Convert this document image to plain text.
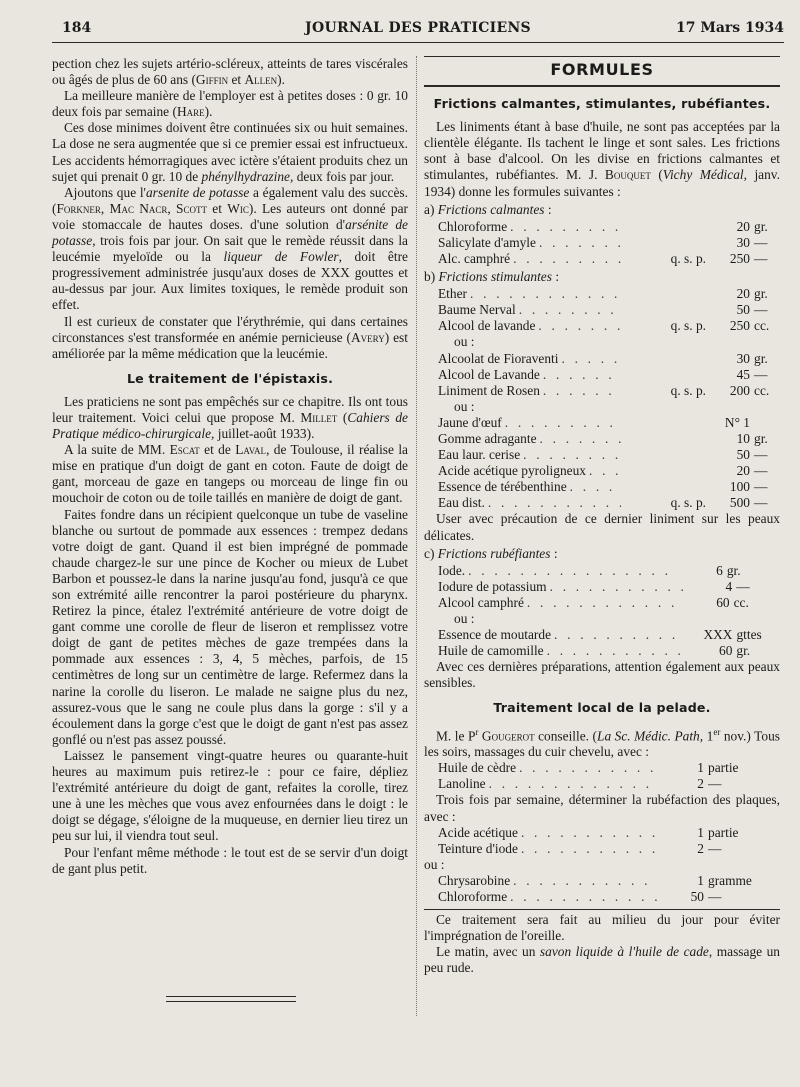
184	JOURNAL DES PRATICIENS	17 Mars 1934

pection chez les sujets artério-scléreux, atteints de tares viscérales ou âgés de plus de 60 ans (Giffin et Allen).

La meilleure manière de l'employer est à petites doses : 0 gr. 10 deux fois par semaine (Hare).

Ces dose minimes doivent être continuées six ou huit semaines. La dose ne sera augmentée que si ce premier essai est infructueux. Les accidents hémorragiques avec ictère s'étaient produits chez un sujet qui prenait 0 gr. 10 de phénylhydrazine, deux fois par jour.

Ajoutons que l'arsenite de potasse a également valu des succès. (Forkner, Mac Nacr, Scott et Wic). Les auteurs ont donné par voie stomaccale de hautes doses. d'une solution d'arsénite de potasse, trois fois par jour. On sait que le remède réussit dans la leucémie myeloïde ou la liqueur de Fowler, doit être progressivement administrée jusqu'aux doses de XXX gouttes et au-dessus par jour. Aux limites toxiques, le remède produit son effet.

Il est curieux de constater que l'érythrémie, qui dans certaines circonstances s'est transformée en anémie pernicieuse (Avery) est améliorée par la même médication que la leucémie.

Le traitement de l'épistaxis.

Les praticiens ne sont pas empêchés sur ce chapitre. Ils ont tous leur traitement. Voici celui que propose M. Millet (Cahiers de Pratique médico-chirurgicale, juillet-août 1933).

A la suite de MM. Escat et de Laval, de Toulouse, il réalise la mise en pratique d'un doigt de gant en coton. Faute de doigt de gant, morceau de gaze en tangeps ou morceau de linge fin ou mouchoir de coton ou de toile taillés en manière de doigt de gant.

Faites fondre dans un récipient quelconque un tube de vaseline blanche ou surtout de pommade aux essences : trempez dedans votre doigt de gant. Quand il est bien imprégné de pommade chaude chargez-le sur une pince de Kocher ou mieux de Lubet Barbon et poussez-le dans la narine jusqu'au fond, jusqu'à ce que son extrémité aille rencontrer la paroi postérieure du pharynx. Retirez la pince, étalez l'extrémité antérieure de votre doigt de gant comme une corolle de fleur de liseron et remplissez votre doigt de gant de petites mèches de gaze trempées dans la pommade aux essences : 3, 4, 5 mèches, parfois, de 15 centimètres de long sur un centimètre de large. Refermez dans la narine la corolle du liseron. Le malade ne saigne plus du nez, assurez-vous que le sang ne coule plus dans la gorge : s'il y a écoulement dans la gorge c'est que le doigt de gant n'est pas assez gonflé ou n'est pas assez poussé.

Laissez le pansement vingt-quatre heures ou quarante-huit heures au maximum puis retirez-le : pour ce faire, dépliez l'extrémité antérieure du doigt de gant, refaites la corolle, tirez une à une les mèches que vous avez enfournées dans le doigt : le doigt se dégage, s'éloigne de la muqueuse, en dernier lieu tirez un peu sur lui, il viendra tout seul.

Pour l'enfant même méthode : le tout est de se servir d'un doigt de gant plus petit.

FORMULES
Frictions calmantes, stimulantes, rubéfiantes.

Les liniments étant à base d'huile, ne sont pas acceptées par la clientèle élégante. Ils tachent le linge et sont sales. Les frictions sont à base d'alcool. On les divise en frictions calmantes et stimulantes, rubéfiantes. M. J. Bouquet (Vichy Médical, janv. 1934) donne les formules suivantes :

a) Frictions calmantes :
Chloroforme . . .	20 gr.
Salicylate d'amyle . . .	30 —
Alc. camphré . . .	q. s. p.	250 —
b) Frictions stimulantes :
Ether . . .	20 gr.
Baume Nerval . . .	50 —
Alcool de lavande . . .	q. s. p.	250 cc.
ou :
Alcoolat de Fioraventi . . .	30 gr.
Alcool de Lavande . . .	45 —
Liniment de Rosen . . .	q. s. p.	200 cc.
ou :
Jaune d'œuf . . .	N° 1
Gomme adragante . . .	10 gr.
Eau laur. cerise . . .	50 —
Acide acétique pyroligneux . . .	20 —
Essence de térébenthine . . .	100 —
Eau dist. . . .	q. s. p.	500 —

User avec précaution de ce dernier liniment sur les peaux délicates.

c) Frictions rubéfiantes :
Iode. . . .	6 gr.
Iodure de potassium . . .	4 —
Alcool camphré . . .	60 cc.
ou :
Essence de moutarde . . .	XXX gttes
Huile de camomille . . .	60 gr.

Avec ces dernières préparations, attention également aux peaux sensibles.

Traitement local de la pelade.

M. le $P^r$ Gougerot conseille. (La Sc. Médic. Path, 1er nov.) Tous les soirs, massages du cuir chevelu, avec :

Huile de cèdre . . .	1 partie
Lanoline . . .	2 —

Trois fois par semaine, déterminer la rubéfaction des plaques, avec :

Acide acétique . . .	1 partie
Teinture d'iode . . .	2 —
ou :
Chrysarobine . . .	1 gramme
Chloroforme . . .	50 —

Ce traitement sera fait au milieu du jour pour éviter l'imprégnation de l'oreille.

Le matin, avec un savon liquide à l'huile de cade, massage un peu rude.
